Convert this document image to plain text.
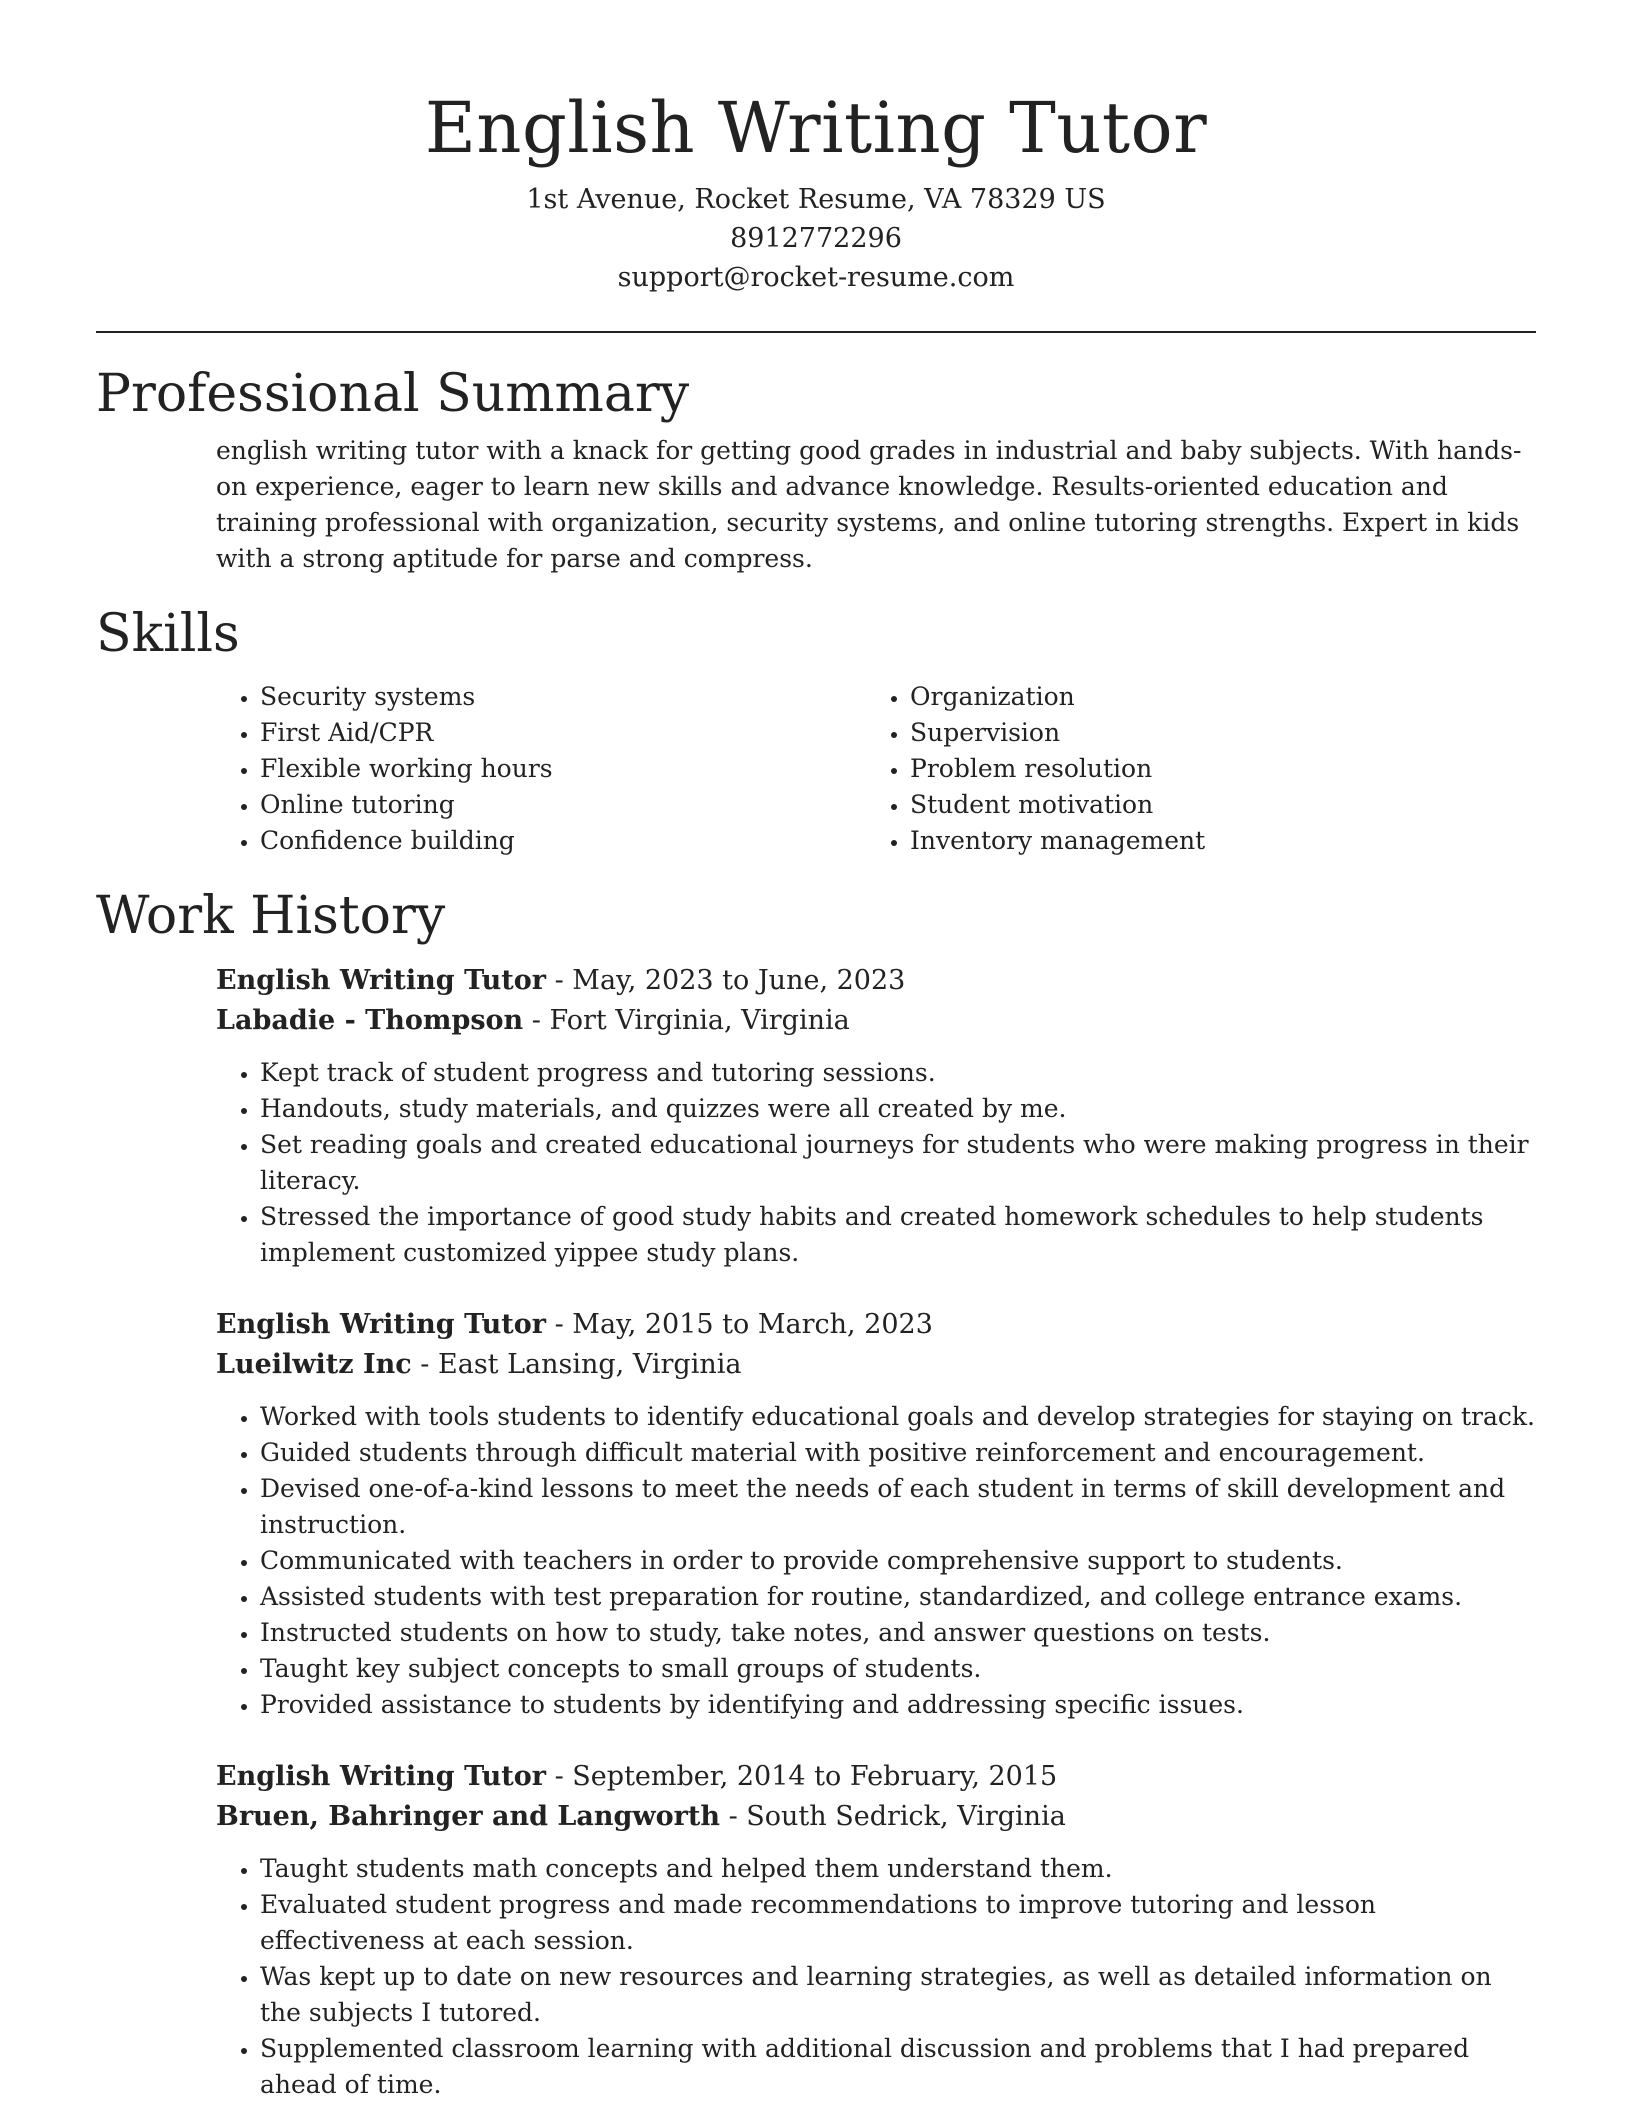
English Writing Tutor

1st Avenue, Rocket Resume, VA 78329 US

8912772296

support@rocket-resume.com

Professional Summary

english writing tutor with a knack for getting good grades in industrial and baby subjects. With hands-on experience, eager to learn new skills and advance knowledge. Results-oriented education and training professional with organization, security systems, and online tutoring strengths. Expert in kids with a strong aptitude for parse and compress.

Skills
• Security systems
• First Aid/CPR
• Flexible working hours
• Online tutoring
• Confidence building
• Organization
• Supervision
• Problem resolution
• Student motivation
• Inventory management
Work History

English Writing Tutor - May, 2023 to June, 2023

Labadie - Thompson - Fort Virginia, Virginia

• Kept track of student progress and tutoring sessions.
• Handouts, study materials, and quizzes were all created by me.
• Set reading goals and created educational journeys for students who were making progress in their literacy.
• Stressed the importance of good study habits and created homework schedules to help students implement customized yippee study plans.

English Writing Tutor - May, 2015 to March, 2023

Lueilwitz Inc - East Lansing, Virginia

• Worked with tools students to identify educational goals and develop strategies for staying on track.
• Guided students through difficult material with positive reinforcement and encouragement.
• Devised one-of-a-kind lessons to meet the needs of each student in terms of skill development and instruction.
• Communicated with teachers in order to provide comprehensive support to students.
• Assisted students with test preparation for routine, standardized, and college entrance exams.
• Instructed students on how to study, take notes, and answer questions on tests.
• Taught key subject concepts to small groups of students.
• Provided assistance to students by identifying and addressing specific issues.

English Writing Tutor - September, 2014 to February, 2015

Bruen, Bahringer and Langworth - South Sedrick, Virginia

• Taught students math concepts and helped them understand them.
• Evaluated student progress and made recommendations to improve tutoring and lesson effectiveness at each session.
• Was kept up to date on new resources and learning strategies, as well as detailed information on the subjects I tutored.
• Supplemented classroom learning with additional discussion and problems that I had prepared ahead of time.
